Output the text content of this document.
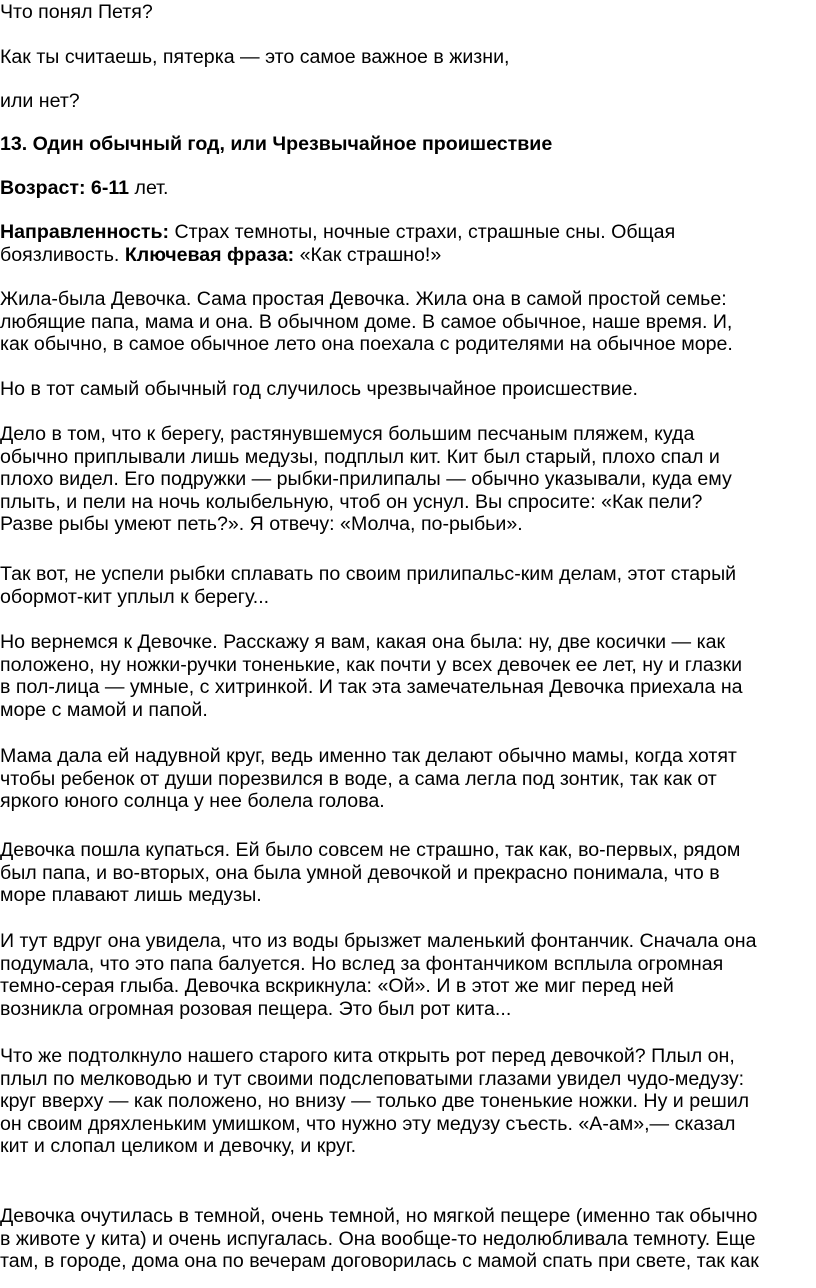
Что понял Петя?

Как ты считаешь, пятерка — это самое важное в жизни,

или нет?

13. Один обычный год, или Чрезвычайное проишествие

Возраст: 6-11 лет.

Направленность: Страх темноты, ночные страхи, страшные сны. Общая
боязливость. Ключевая фраза: «Как страшно!»
Жила-была Девочка. Сама простая Девочка. Жила она в самой простой семье:
любящие папа, мама и она. В обычном доме. В самое обычное, наше время. И,
как обычно, в самое обычное лето она поехала с родителями на обычное море.
Но в тот самый обычный год случилось чрезвычайное происшествие.
Дело в том, что к берегу, растянувшемуся большим песчаным пляжем, куда
обычно приплывали лишь медузы, подплыл кит. Кит был старый, плохо спал и
плохо видел. Его подружки — рыбки-прилипалы — обычно указывали, куда ему
плыть, и пели на ночь колыбельную, чтоб он уснул. Вы спросите: «Как пели?
Разве рыбы умеют петь?». Я отвечу: «Молча, по-рыбьи».
Так вот, не успели рыбки сплавать по своим прилипальс-ким делам, этот старый
обормот-кит уплыл к берегу...
Но вернемся к Девочке. Расскажу я вам, какая она была: ну, две косички — как
положено, ну ножки-ручки тоненькие, как почти у всех девочек ее лет, ну и глазки
в пол-лица — умные, с хитринкой. И так эта замечательная Девочка приехала на
море с мамой и папой.
Мама дала ей надувной круг, ведь именно так делают обычно мамы, когда хотят
чтобы ребенок от души порезвился в воде, а сама легла под зонтик, так как от
яркого юного солнца у нее болела голова.
Девочка пошла купаться. Ей было совсем не страшно, так как, во-первых, рядом
был папа, и во-вторых, она была умной девочкой и прекрасно понимала, что в
море плавают лишь медузы.
И тут вдруг она увидела, что из воды брызжет маленький фонтанчик. Сначала она
подумала, что это папа балуется. Но вслед за фонтанчиком всплыла огромная
темно-серая глыба. Девочка вскрикнула: «Ой». И в этот же миг перед ней
возникла огромная розовая пещера. Это был рот кита...
Что же подтолкнуло нашего старого кита открыть рот перед девочкой? Плыл он,
плыл по мелководью и тут своими подслеповатыми глазами увидел чудо-медузу:
круг вверху — как положено, но внизу — только две тоненькие ножки. Ну и решил
он своим дряхленьким умишком, что нужно эту медузу съесть. «А-ам»,— сказал
кит и слопал целиком и девочку, и круг.
Девочка очутилась в темной, очень темной, но мягкой пещере (именно так обычно
в животе у кита) и очень испугалась. Она вообще-то недолюбливала темноту. Еще
там, в городе, дома она по вечерам договорилась с мамой спать при свете, так как
